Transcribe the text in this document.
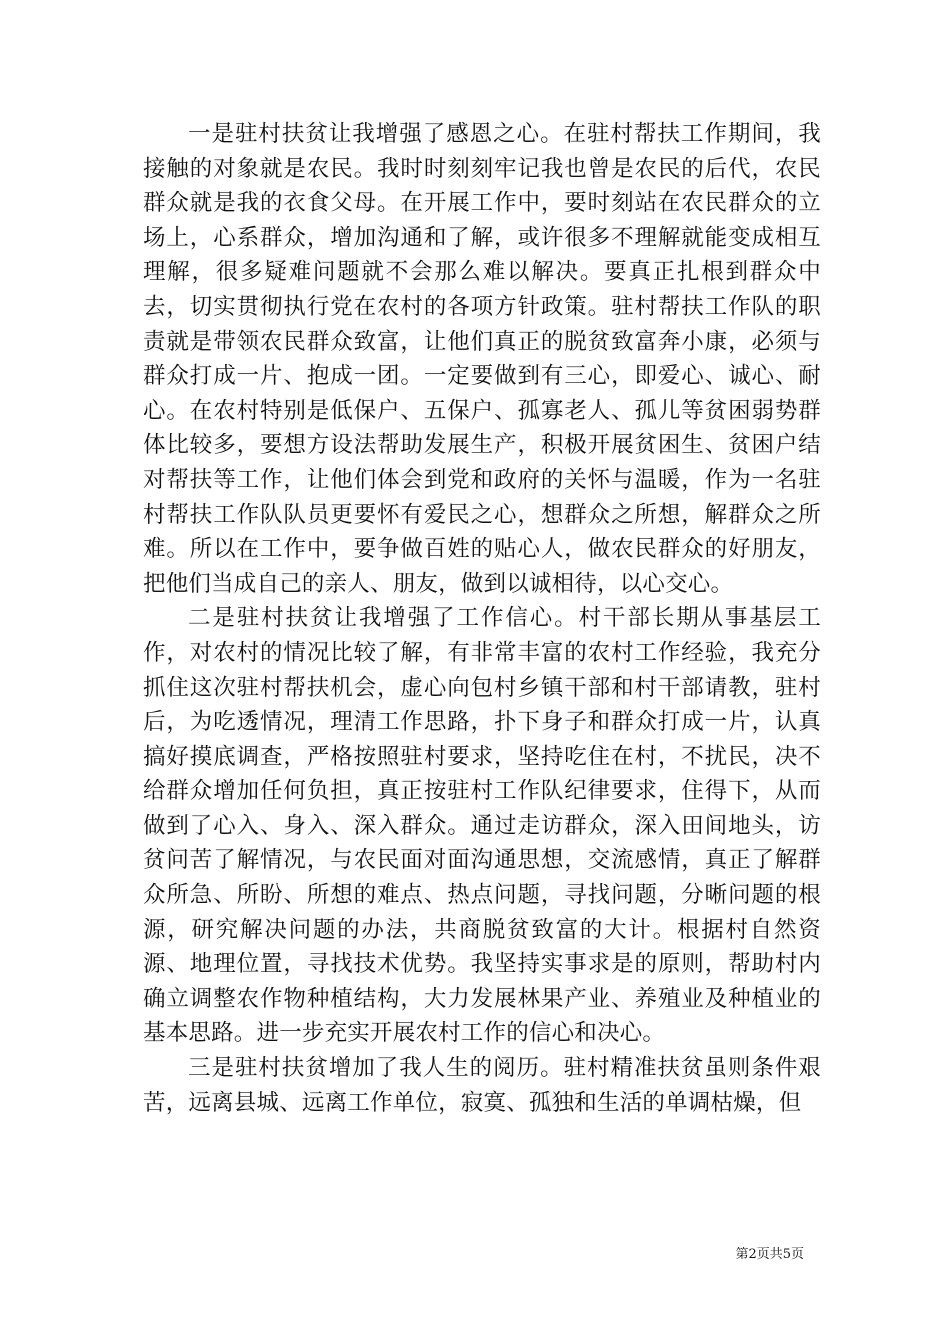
一是驻村扶贫让我增强了感恩之心。在驻村帮扶工作期间，我接触的对象就是农民。我时时刻刻牢记我也曾是农民的后代，农民群众就是我的衣食父母。在开展工作中，要时刻站在农民群众的立场上，心系群众，增加沟通和了解，或许很多不理解就能变成相互理解，很多疑难问题就不会那么难以解决。要真正扎根到群众中去，切实贯彻执行党在农村的各项方针政策。驻村帮扶工作队的职责就是带领农民群众致富，让他们真正的脱贫致富奔小康，必须与群众打成一片、抱成一团。一定要做到有三心，即爱心、诚心、耐心。在农村特别是低保户、五保户、孤寡老人、孤儿等贫困弱势群体比较多，要想方设法帮助发展生产，积极开展贫困生、贫困户结对帮扶等工作，让他们体会到党和政府的关怀与温暖，作为一名驻村帮扶工作队队员更要怀有爱民之心，想群众之所想，解群众之所难。所以在工作中，要争做百姓的贴心人，做农民群众的好朋友，把他们当成自己的亲人、朋友，做到以诚相待，以心交心。

二是驻村扶贫让我增强了工作信心。村干部长期从事基层工作，对农村的情况比较了解，有非常丰富的农村工作经验，我充分抓住这次驻村帮扶机会，虚心向包村乡镇干部和村干部请教，驻村后，为吃透情况，理清工作思路，扑下身子和群众打成一片，认真搞好摸底调查，严格按照驻村要求，坚持吃住在村，不扰民，决不给群众增加任何负担，真正按驻村工作队纪律要求，住得下，从而做到了心入、身入、深入群众。通过走访群众，深入田间地头，访贫问苦了解情况，与农民面对面沟通思想，交流感情，真正了解群众所急、所盼、所想的难点、热点问题，寻找问题，分晰问题的根源，研究解决问题的办法，共商脱贫致富的大计。根据村自然资源、地理位置，寻找技术优势。我坚持实事求是的原则，帮助村内确立调整农作物种植结构，大力发展林果产业、养殖业及种植业的基本思路。进一步充实开展农村工作的信心和决心。

三是驻村扶贫增加了我人生的阅历。驻村精准扶贫虽则条件艰苦，远离县城、远离工作单位，寂寞、孤独和生活的单调枯燥，但

第2页共5页
